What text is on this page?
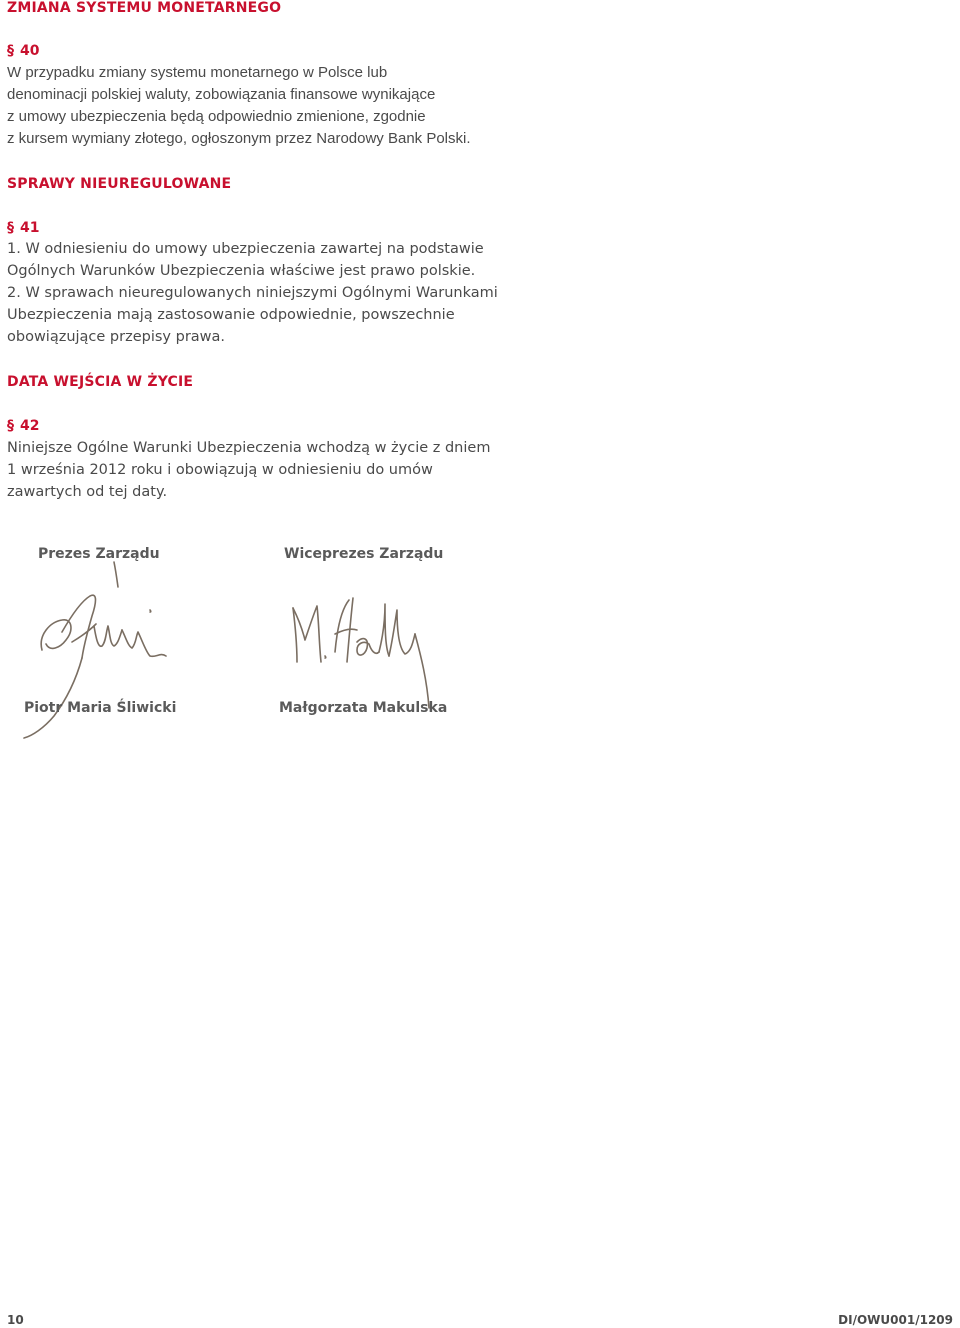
ZMIANA SYSTEMU MONETARNEGO
§ 40
W przypadku zmiany systemu monetarnego w Polsce lub
denominacji polskiej waluty, zobowiązania finansowe wynikające
z umowy ubezpieczenia będą odpowiednio zmienione, zgodnie
z kursem wymiany złotego, ogłoszonym przez Narodowy Bank Polski.
SPRAWY NIEUREGULOWANE
§ 41
1. W odniesieniu do umowy ubezpieczenia zawartej na podstawie
Ogólnych Warunków Ubezpieczenia właściwe jest prawo polskie.
2. W sprawach nieuregulowanych niniejszymi Ogólnymi Warunkami
Ubezpieczenia mają zastosowanie odpowiednie, powszechnie
obowiązujące przepisy prawa.
DATA WEJŚCIA W ŻYCIE
§ 42
Niniejsze Ogólne Warunki Ubezpieczenia wchodzą w życie z dniem
1 września 2012 roku i obowiązują w odniesieniu do umów
zawartych od tej daty.
Prezes Zarządu	Wiceprezes Zarządu
Piotr Maria Śliwicki	Małgorzata Makulska
10	DI/OWU001/1209
